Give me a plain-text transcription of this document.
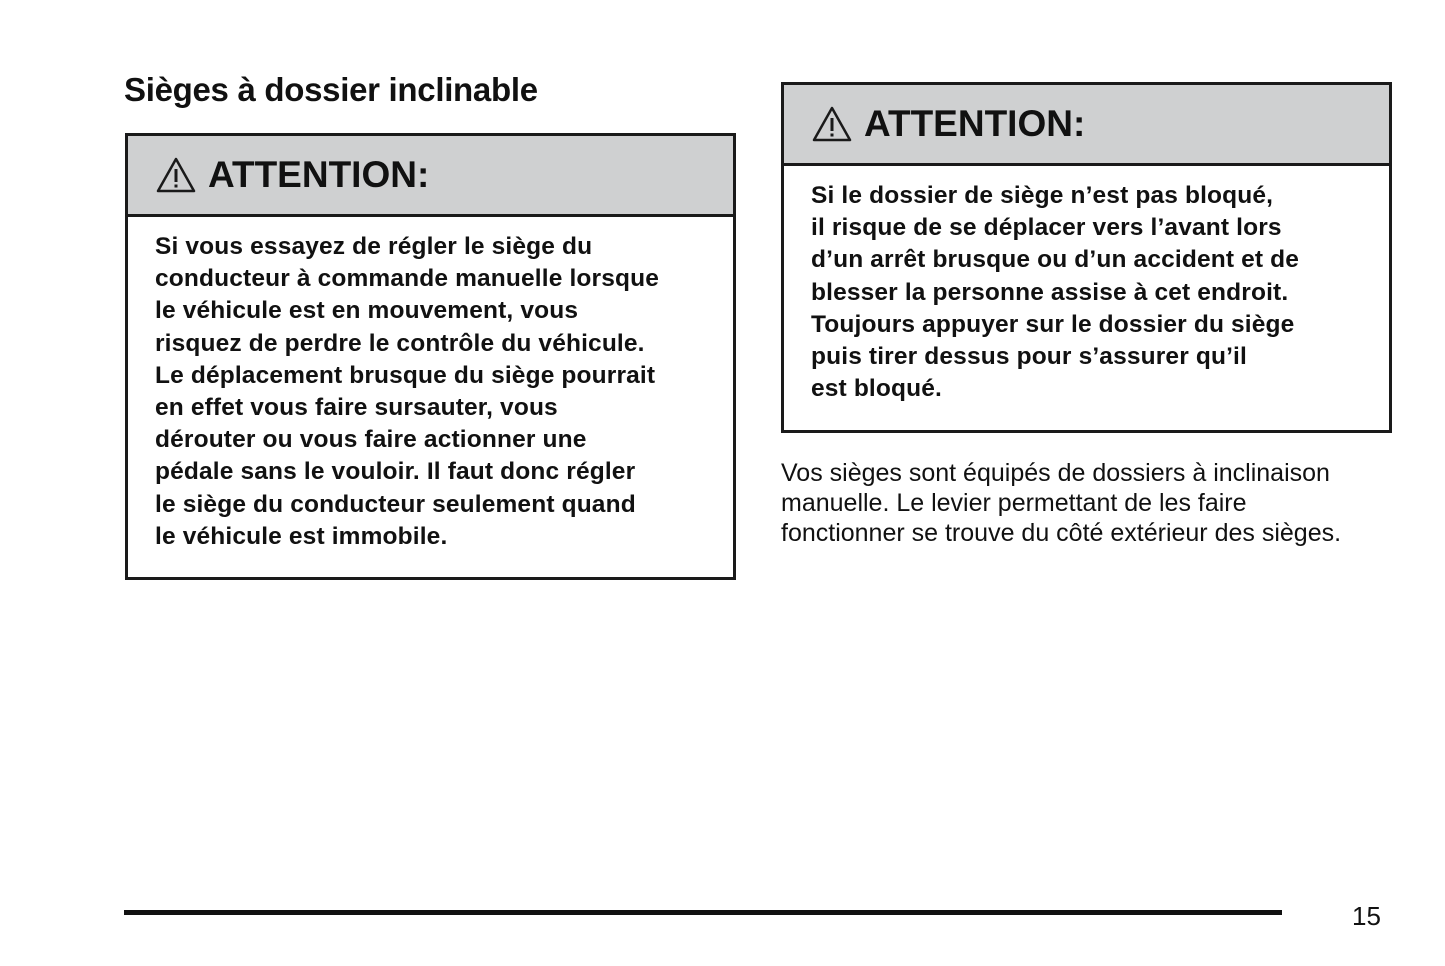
Sièges à dossier inclinable
ATTENTION:
Si vous essayez de régler le siège du
conducteur à commande manuelle lorsque
le véhicule est en mouvement, vous
risquez de perdre le contrôle du véhicule.
Le déplacement brusque du siège pourrait
en effet vous faire sursauter, vous
dérouter ou vous faire actionner une
pédale sans le vouloir. Il faut donc régler
le siège du conducteur seulement quand
le véhicule est immobile.
ATTENTION:
Si le dossier de siège n’est pas bloqué,
il risque de se déplacer vers l’avant lors
d’un arrêt brusque ou d’un accident et de
blesser la personne assise à cet endroit.
Toujours appuyer sur le dossier du siège
puis tirer dessus pour s’assurer qu’il
est bloqué.

Vos sièges sont équipés de dossiers à inclinaison
manuelle. Le levier permettant de les faire
fonctionner se trouve du côté extérieur des sièges.

15
